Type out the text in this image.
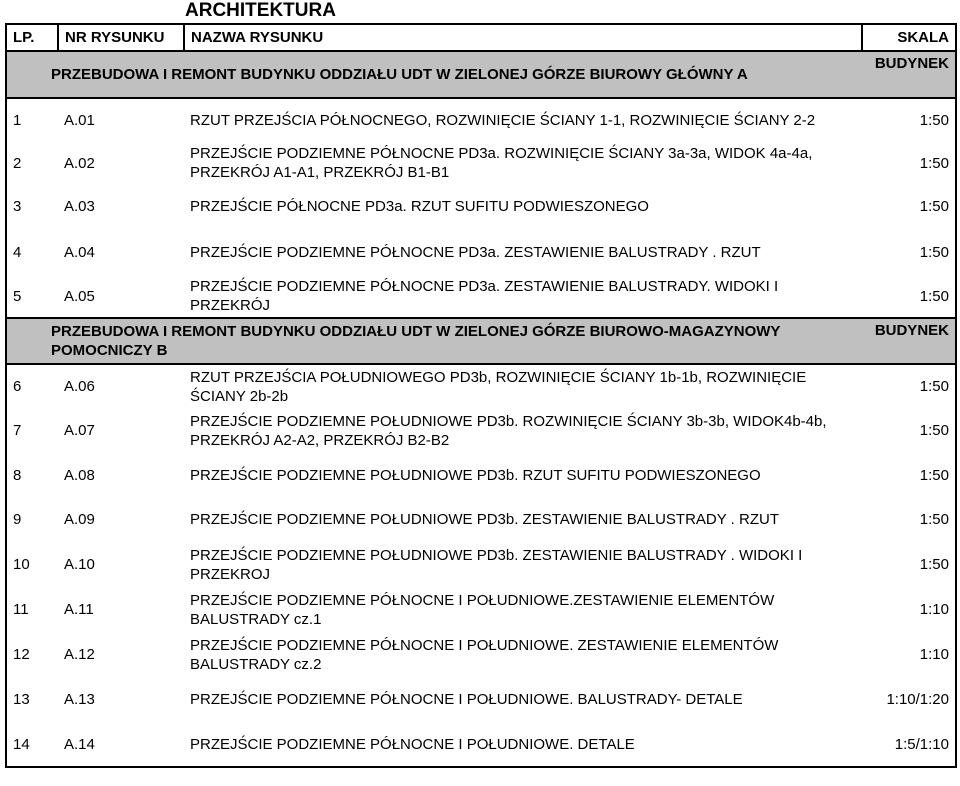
ARCHITEKTURA
LP.	NR RYSUNKU	NAZWA RYSUNKU	SKALA
PRZEBUDOWA I REMONT BUDYNKU ODDZIAŁU UDT W ZIELONEJ GÓRZE BIUROWY GŁÓWNY A			BUDYNEK
1	A.01	RZUT PRZEJŚCIA PÓŁNOCNEGO, ROZWINIĘCIE ŚCIANY 1-1, ROZWINIĘCIE ŚCIANY 2-2	1:50
2	A.02	PRZEJŚCIE PODZIEMNE PÓŁNOCNE PD3a. ROZWINIĘCIE ŚCIANY 3a-3a, WIDOK 4a-4a, PRZEKRÓJ A1-A1, PRZEKRÓJ B1-B1	1:50
3	A.03	PRZEJŚCIE PÓŁNOCNE PD3a. RZUT SUFITU PODWIESZONEGO	1:50
4	A.04	PRZEJŚCIE PODZIEMNE PÓŁNOCNE PD3a. ZESTAWIENIE BALUSTRADY . RZUT	1:50
5	A.05	PRZEJŚCIE PODZIEMNE PÓŁNOCNE PD3a. ZESTAWIENIE BALUSTRADY. WIDOKI I PRZEKRÓJ	1:50
PRZEBUDOWA I REMONT BUDYNKU ODDZIAŁU UDT W ZIELONEJ GÓRZE BIUROWO-MAGAZYNOWY POMOCNICZY B			BUDYNEK
6	A.06	RZUT PRZEJŚCIA POŁUDNIOWEGO PD3b, ROZWINIĘCIE ŚCIANY 1b-1b, ROZWINIĘCIE ŚCIANY 2b-2b	1:50
7	A.07	PRZEJŚCIE PODZIEMNE POŁUDNIOWE PD3b. ROZWINIĘCIE ŚCIANY 3b-3b, WIDOK4b-4b, PRZEKRÓJ A2-A2, PRZEKRÓJ B2-B2	1:50
8	A.08	PRZEJŚCIE PODZIEMNE POŁUDNIOWE PD3b. RZUT SUFITU PODWIESZONEGO	1:50
9	A.09	PRZEJŚCIE PODZIEMNE POŁUDNIOWE PD3b. ZESTAWIENIE BALUSTRADY . RZUT	1:50
10	A.10	PRZEJŚCIE PODZIEMNE POŁUDNIOWE PD3b. ZESTAWIENIE BALUSTRADY . WIDOKI I PRZEKROJ	1:50
11	A.11	PRZEJŚCIE PODZIEMNE PÓŁNOCNE I POŁUDNIOWE.ZESTAWIENIE ELEMENTÓW BALUSTRADY cz.1	1:10
12	A.12	PRZEJŚCIE PODZIEMNE PÓŁNOCNE I POŁUDNIOWE. ZESTAWIENIE ELEMENTÓW BALUSTRADY cz.2	1:10
13	A.13	PRZEJŚCIE PODZIEMNE PÓŁNOCNE I POŁUDNIOWE. BALUSTRADY- DETALE	1:10/1:20
14	A.14	PRZEJŚCIE PODZIEMNE PÓŁNOCNE I POŁUDNIOWE. DETALE	1:5/1:10
